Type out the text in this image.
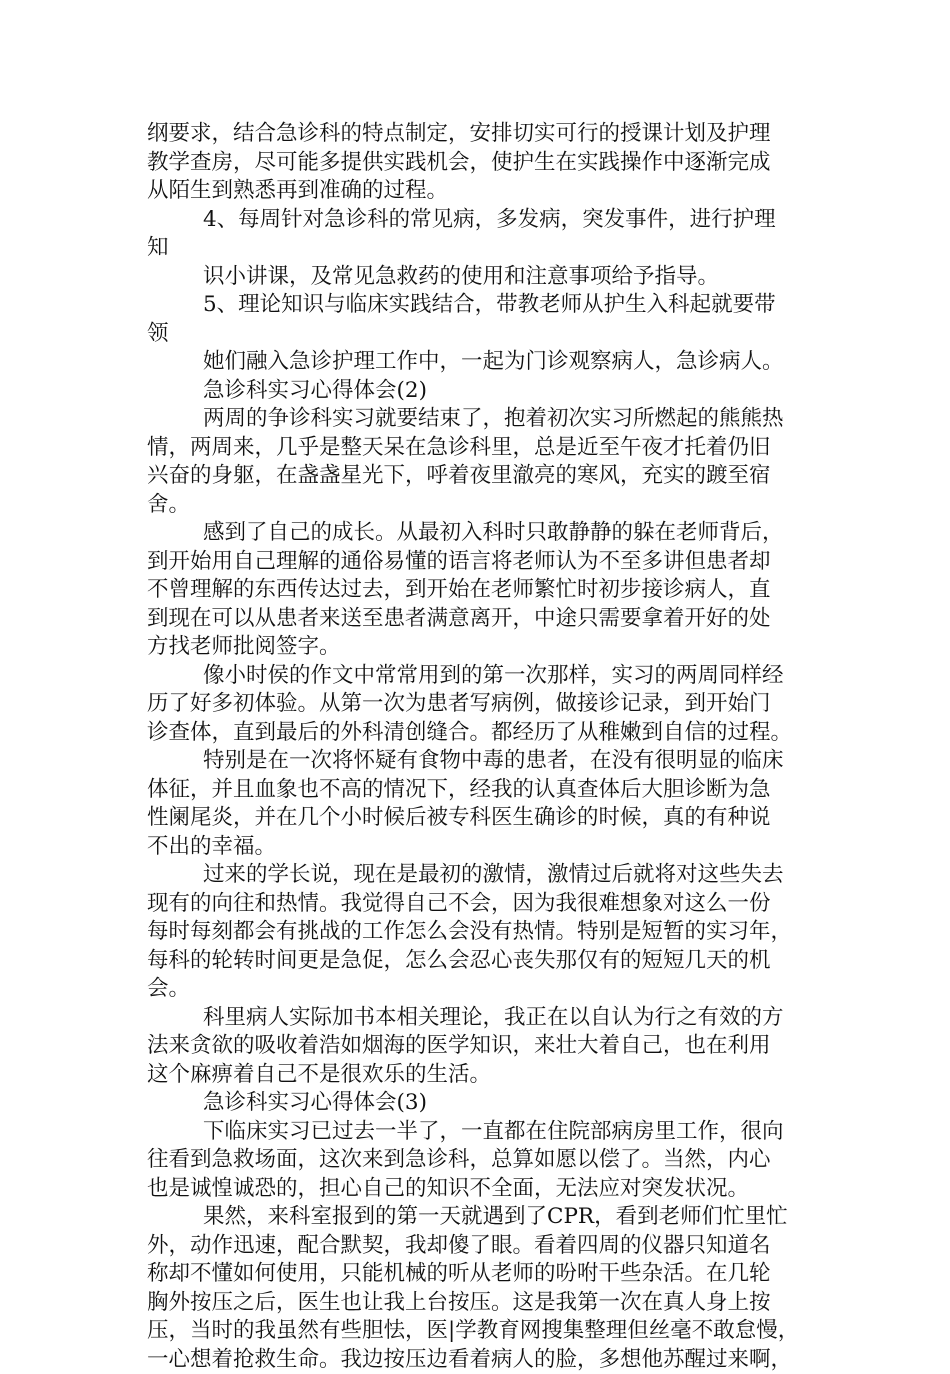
纲要求，结合急诊科的特点制定，安排切实可行的授课计划及护理
教学查房，尽可能多提供实践机会，使护生在实践操作中逐渐完成
从陌生到熟悉再到准确的过程。
4、每周针对急诊科的常见病，多发病，突发事件，进行护理
知
识小讲课，及常见急救药的使用和注意事项给予指导。
5、理论知识与临床实践结合，带教老师从护生入科起就要带
领
她们融入急诊护理工作中，一起为门诊观察病人，急诊病人。
急诊科实习心得体会(2)
两周的争诊科实习就要结束了，抱着初次实习所燃起的熊熊热
情，两周来，几乎是整天呆在急诊科里，总是近至午夜才托着仍旧
兴奋的身躯，在盏盏星光下，呼着夜里澈亮的寒风，充实的踱至宿
舍。
感到了自己的成长。从最初入科时只敢静静的躲在老师背后，
到开始用自己理解的通俗易懂的语言将老师认为不至多讲但患者却
不曾理解的东西传达过去，到开始在老师繁忙时初步接诊病人，直
到现在可以从患者来送至患者满意离开，中途只需要拿着开好的处
方找老师批阅签字。
像小时侯的作文中常常用到的第一次那样，实习的两周同样经
历了好多初体验。从第一次为患者写病例，做接诊记录，到开始门
诊查体，直到最后的外科清创缝合。都经历了从稚嫩到自信的过程。
特别是在一次将怀疑有食物中毒的患者，在没有很明显的临床
体征，并且血象也不高的情况下，经我的认真查体后大胆诊断为急
性阑尾炎，并在几个小时候后被专科医生确诊的时候，真的有种说
不出的幸福。
过来的学长说，现在是最初的激情，激情过后就将对这些失去
现有的向往和热情。我觉得自己不会，因为我很难想象对这么一份
每时每刻都会有挑战的工作怎么会没有热情。特别是短暂的实习年，
每科的轮转时间更是急促，怎么会忍心丧失那仅有的短短几天的机
会。
科里病人实际加书本相关理论，我正在以自认为行之有效的方
法来贪欲的吸收着浩如烟海的医学知识，来壮大着自己，也在利用
这个麻痹着自己不是很欢乐的生活。
急诊科实习心得体会(3)
下临床实习已过去一半了，一直都在住院部病房里工作，很向
往看到急救场面，这次来到急诊科，总算如愿以偿了。当然，内心
也是诚惶诚恐的，担心自己的知识不全面，无法应对突发状况。
果然，来科室报到的第一天就遇到了CPR，看到老师们忙里忙
外，动作迅速，配合默契，我却傻了眼。看着四周的仪器只知道名
称却不懂如何使用，只能机械的听从老师的吩咐干些杂活。在几轮
胸外按压之后，医生也让我上台按压。这是我第一次在真人身上按
压，当时的我虽然有些胆怯，医|学教育网搜集整理但丝毫不敢怠慢，
一心想着抢救生命。我边按压边看着病人的脸，多想他苏醒过来啊，
